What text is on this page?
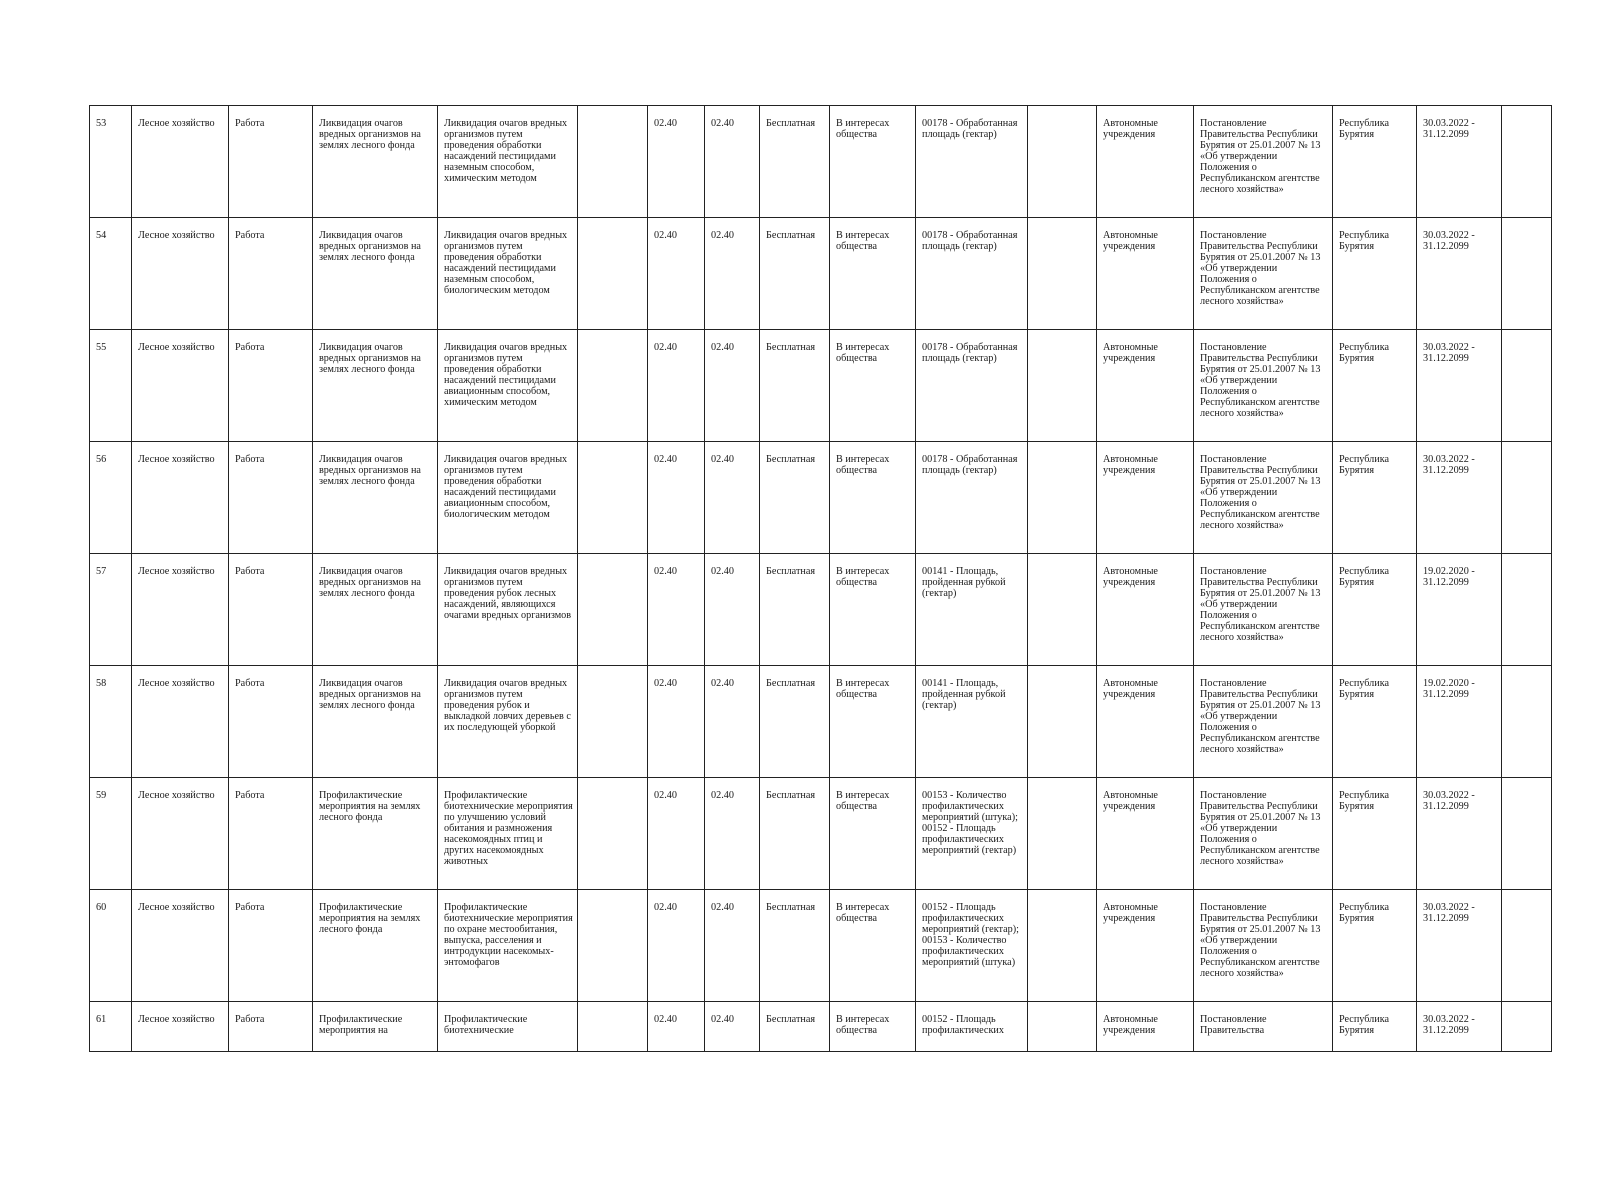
53	Лесное хозяйство	Работа	Ликвидация очагов вредных организмов на землях лесного фонда	Ликвидация очагов вредных организмов путем проведения обработки насаждений пестицидами наземным способом, химическим методом		02.40	02.40	Бесплатная	В интересах общества	00178 - Обработанная площадь (гектар)		Автономные учреждения	Постановление Правительства Республики Бурятия от 25.01.2007 № 13 «Об утверждении Положения о Республиканском агентстве лесного хозяйства»	Республика Бурятия	30.03.2022 - 31.12.2099	
54	Лесное хозяйство	Работа	Ликвидация очагов вредных организмов на землях лесного фонда	Ликвидация очагов вредных организмов путем проведения обработки насаждений пестицидами наземным способом, биологическим методом		02.40	02.40	Бесплатная	В интересах общества	00178 - Обработанная площадь (гектар)		Автономные учреждения	Постановление Правительства Республики Бурятия от 25.01.2007 № 13 «Об утверждении Положения о Республиканском агентстве лесного хозяйства»	Республика Бурятия	30.03.2022 - 31.12.2099	
55	Лесное хозяйство	Работа	Ликвидация очагов вредных организмов на землях лесного фонда	Ликвидация очагов вредных организмов путем проведения обработки насаждений пестицидами авиационным способом, химическим методом		02.40	02.40	Бесплатная	В интересах общества	00178 - Обработанная площадь (гектар)		Автономные учреждения	Постановление Правительства Республики Бурятия от 25.01.2007 № 13 «Об утверждении Положения о Республиканском агентстве лесного хозяйства»	Республика Бурятия	30.03.2022 - 31.12.2099	
56	Лесное хозяйство	Работа	Ликвидация очагов вредных организмов на землях лесного фонда	Ликвидация очагов вредных организмов путем проведения обработки насаждений пестицидами авиационным способом, биологическим методом		02.40	02.40	Бесплатная	В интересах общества	00178 - Обработанная площадь (гектар)		Автономные учреждения	Постановление Правительства Республики Бурятия от 25.01.2007 № 13 «Об утверждении Положения о Республиканском агентстве лесного хозяйства»	Республика Бурятия	30.03.2022 - 31.12.2099	
57	Лесное хозяйство	Работа	Ликвидация очагов вредных организмов на землях лесного фонда	Ликвидация очагов вредных организмов путем проведения рубок лесных насаждений, являющихся очагами вредных организмов		02.40	02.40	Бесплатная	В интересах общества	00141 - Площадь, пройденная рубкой (гектар)		Автономные учреждения	Постановление Правительства Республики Бурятия от 25.01.2007 № 13 «Об утверждении Положения о Республиканском агентстве лесного хозяйства»	Республика Бурятия	19.02.2020 - 31.12.2099	
58	Лесное хозяйство	Работа	Ликвидация очагов вредных организмов на землях лесного фонда	Ликвидация очагов вредных организмов путем проведения рубок и выкладкой ловчих деревьев с их последующей уборкой		02.40	02.40	Бесплатная	В интересах общества	00141 - Площадь, пройденная рубкой (гектар)		Автономные учреждения	Постановление Правительства Республики Бурятия от 25.01.2007 № 13 «Об утверждении Положения о Республиканском агентстве лесного хозяйства»	Республика Бурятия	19.02.2020 - 31.12.2099	
59	Лесное хозяйство	Работа	Профилактические мероприятия на землях лесного фонда	Профилактические биотехнические мероприятия по улучшению условий обитания и размножения насекомоядных птиц и других насекомоядных животных		02.40	02.40	Бесплатная	В интересах общества	00153 - Количество профилактических мероприятий (штука); 00152 - Площадь профилактических мероприятий (гектар)		Автономные учреждения	Постановление Правительства Республики Бурятия от 25.01.2007 № 13 «Об утверждении Положения о Республиканском агентстве лесного хозяйства»	Республика Бурятия	30.03.2022 - 31.12.2099	
60	Лесное хозяйство	Работа	Профилактические мероприятия на землях лесного фонда	Профилактические биотехнические мероприятия по охране местообитания, выпуска, расселения и интродукции насекомых-энтомофагов		02.40	02.40	Бесплатная	В интересах общества	00152 - Площадь профилактических мероприятий (гектар); 00153 - Количество профилактических мероприятий (штука)		Автономные учреждения	Постановление Правительства Республики Бурятия от 25.01.2007 № 13 «Об утверждении Положения о Республиканском агентстве лесного хозяйства»	Республика Бурятия	30.03.2022 - 31.12.2099	
61	Лесное хозяйство	Работа	Профилактические мероприятия на	Профилактические биотехнические		02.40	02.40	Бесплатная	В интересах общества	00152 - Площадь профилактических		Автономные учреждения	Постановление Правительства	Республика Бурятия	30.03.2022 - 31.12.2099	
